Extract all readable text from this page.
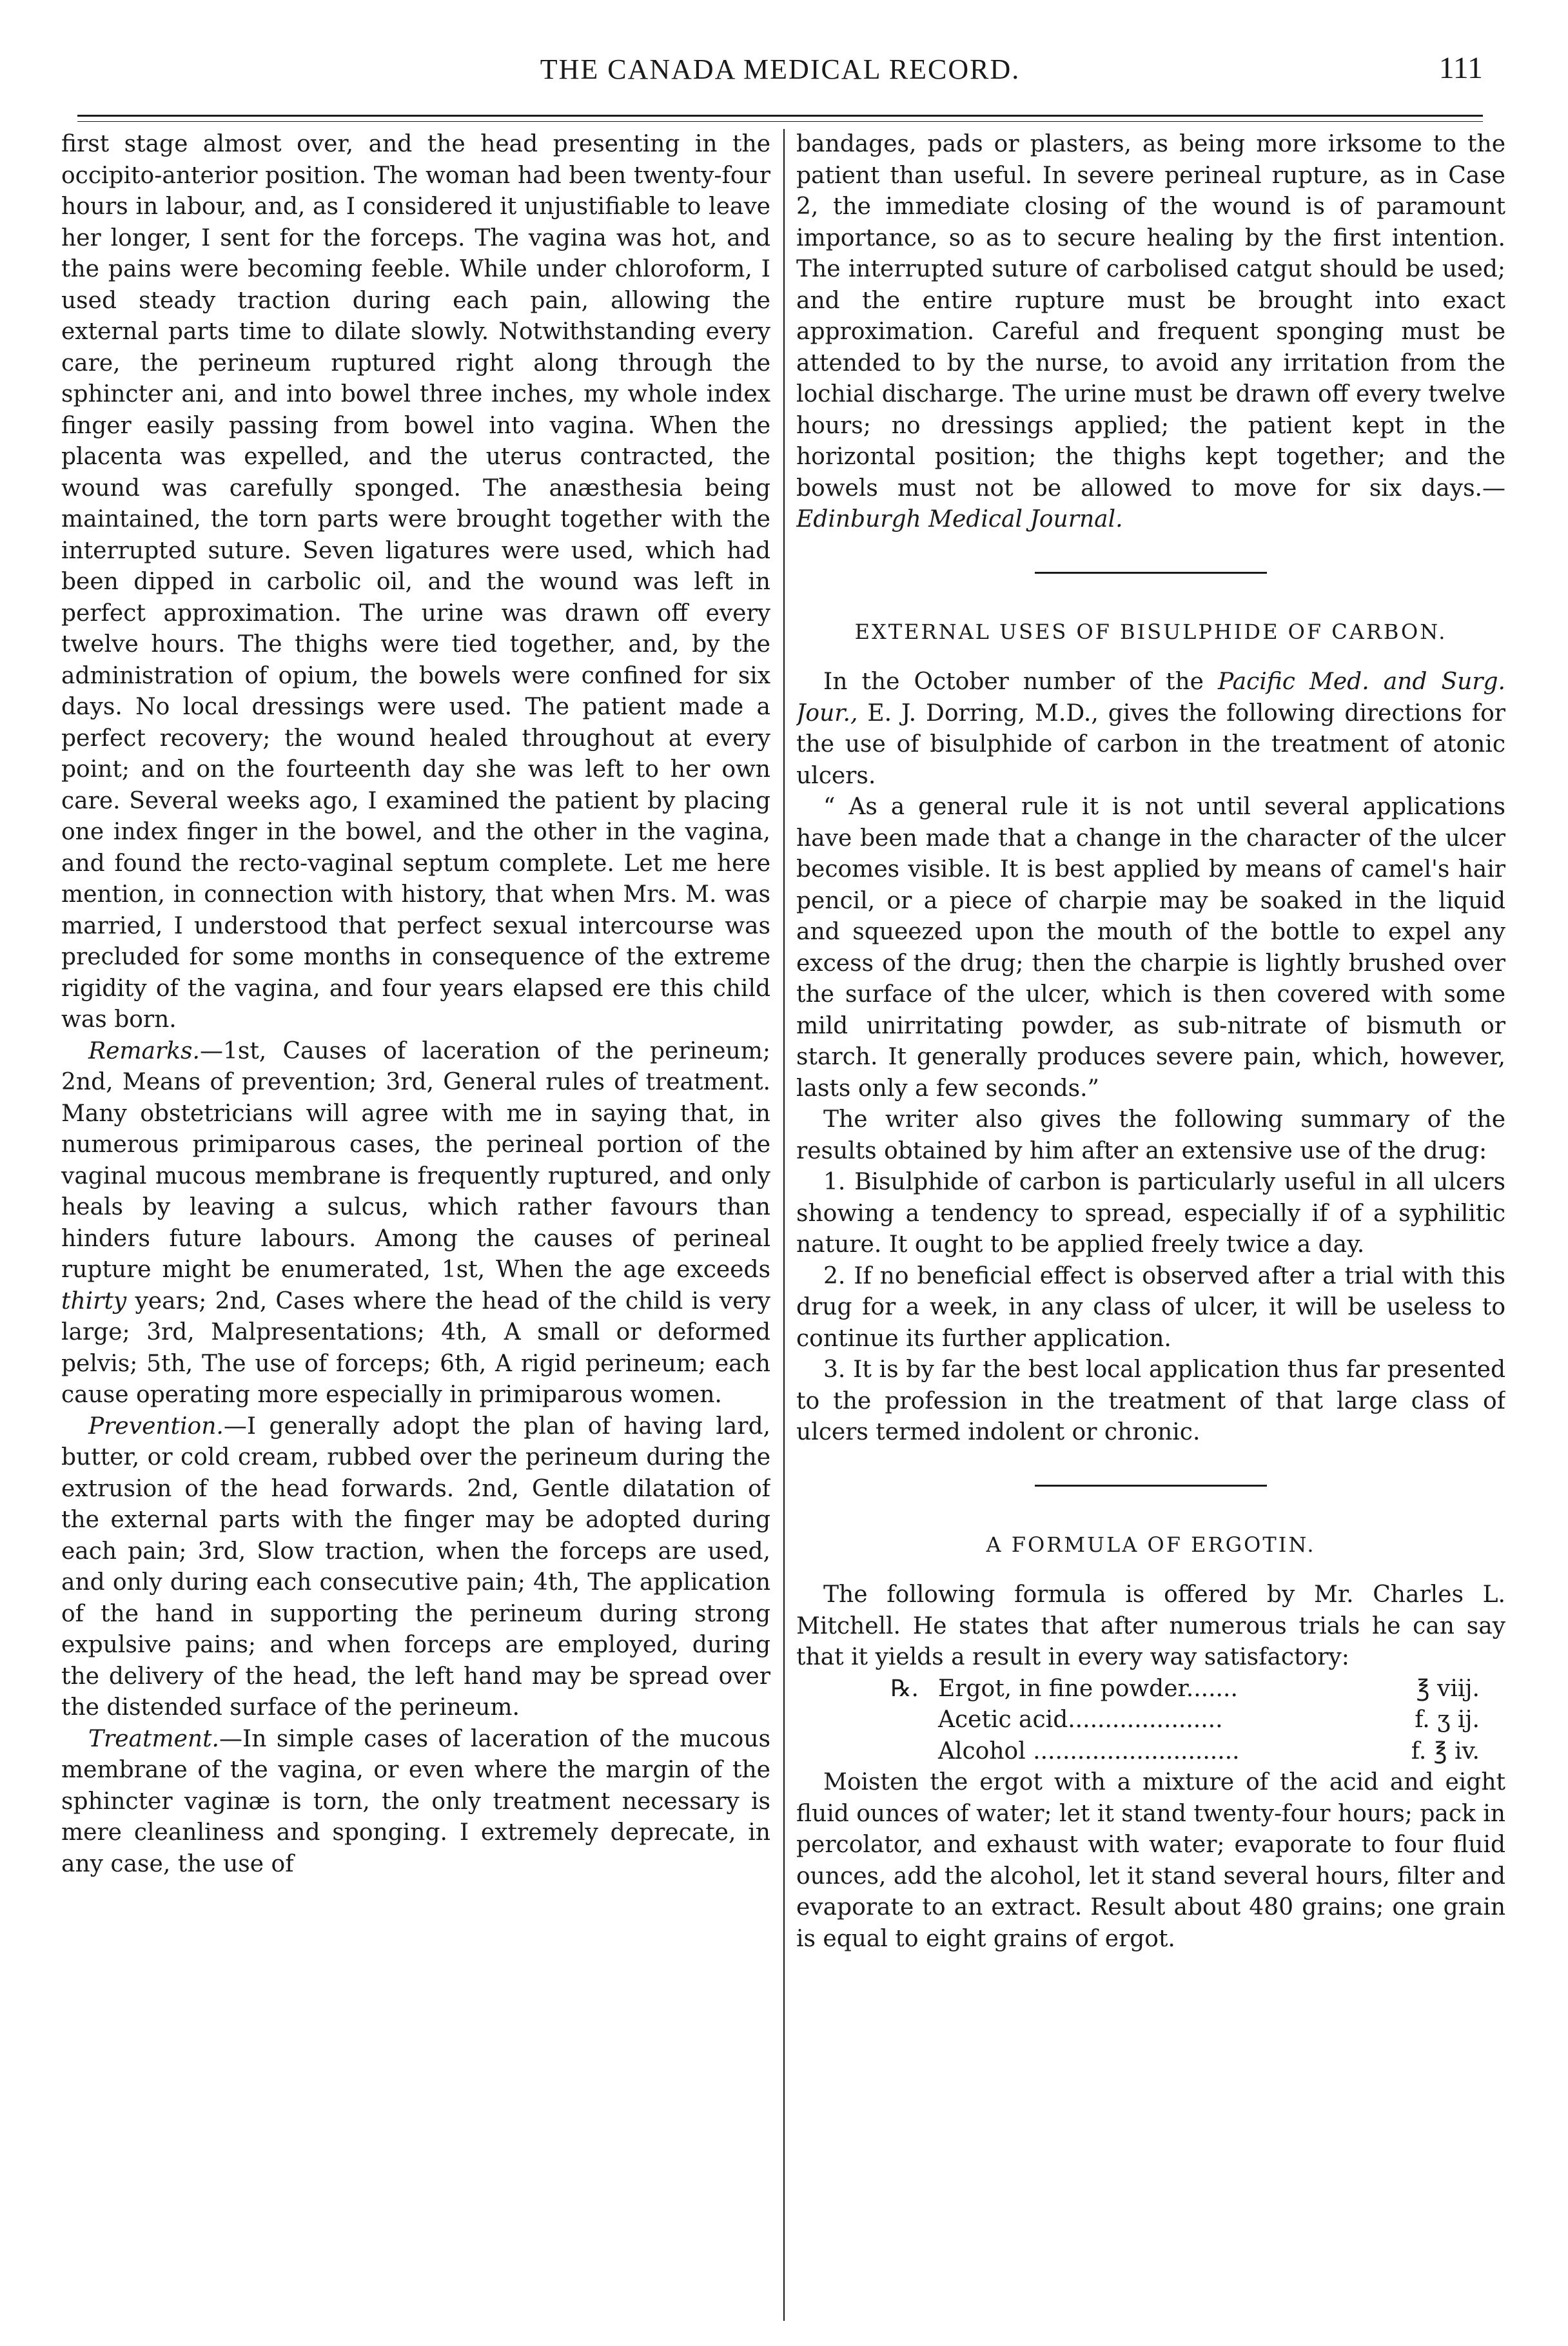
THE CANADA MEDICAL RECORD.	111

first stage almost over, and the head presenting in the occipito-anterior position. The woman had been twenty-four hours in labour, and, as I considered it unjustifiable to leave her longer, I sent for the forceps. The vagina was hot, and the pains were becoming feeble. While under chloroform, I used steady traction during each pain, allowing the external parts time to dilate slowly. Notwithstanding every care, the perineum ruptured right along through the sphincter ani, and into bowel three inches, my whole index finger easily passing from bowel into vagina. When the placenta was expelled, and the uterus contracted, the wound was carefully sponged. The anæsthesia being maintained, the torn parts were brought together with the interrupted suture. Seven ligatures were used, which had been dipped in carbolic oil, and the wound was left in perfect approximation. The urine was drawn off every twelve hours. The thighs were tied together, and, by the administration of opium, the bowels were confined for six days. No local dressings were used. The patient made a perfect recovery; the wound healed throughout at every point; and on the fourteenth day she was left to her own care. Several weeks ago, I examined the patient by placing one index finger in the bowel, and the other in the vagina, and found the recto-vaginal septum complete. Let me here mention, in connection with history, that when Mrs. M. was married, I understood that perfect sexual intercourse was precluded for some months in consequence of the extreme rigidity of the vagina, and four years elapsed ere this child was born.

Remarks.—1st, Causes of laceration of the perineum; 2nd, Means of prevention; 3rd, General rules of treatment. Many obstetricians will agree with me in saying that, in numerous primiparous cases, the perineal portion of the vaginal mucous membrane is frequently ruptured, and only heals by leaving a sulcus, which rather favours than hinders future labours. Among the causes of perineal rupture might be enumerated, 1st, When the age exceeds thirty years; 2nd, Cases where the head of the child is very large; 3rd, Malpresentations; 4th, A small or deformed pelvis; 5th, The use of forceps; 6th, A rigid perineum; each cause operating more especially in primiparous women.

Prevention.—I generally adopt the plan of having lard, butter, or cold cream, rubbed over the perineum during the extrusion of the head forwards. 2nd, Gentle dilatation of the external parts with the finger may be adopted during each pain; 3rd, Slow traction, when the forceps are used, and only during each consecutive pain; 4th, The application of the hand in supporting the perineum during strong expulsive pains; and when forceps are employed, during the delivery of the head, the left hand may be spread over the distended surface of the perineum.

Treatment.—In simple cases of laceration of the mucous membrane of the vagina, or even where the margin of the sphincter vaginæ is torn, the only treatment necessary is mere cleanliness and sponging. I extremely deprecate, in any case, the use of

bandages, pads or plasters, as being more irksome to the patient than useful. In severe perineal rupture, as in Case 2, the immediate closing of the wound is of paramount importance, so as to secure healing by the first intention. The interrupted suture of carbolised catgut should be used; and the entire rupture must be brought into exact approximation. Careful and frequent sponging must be attended to by the nurse, to avoid any irritation from the lochial discharge. The urine must be drawn off every twelve hours; no dressings applied; the patient kept in the horizontal position; the thighs kept together; and the bowels must not be allowed to move for six days.—Edinburgh Medical Journal.

EXTERNAL USES OF BISULPHIDE OF CARBON.

In the October number of the Pacific Med. and Surg. Jour., E. J. Dorring, M.D., gives the following directions for the use of bisulphide of carbon in the treatment of atonic ulcers.

“ As a general rule it is not until several applications have been made that a change in the character of the ulcer becomes visible. It is best applied by means of camel's hair pencil, or a piece of charpie may be soaked in the liquid and squeezed upon the mouth of the bottle to expel any excess of the drug; then the charpie is lightly brushed over the surface of the ulcer, which is then covered with some mild unirritating powder, as sub-nitrate of bismuth or starch. It generally produces severe pain, which, however, lasts only a few seconds.”

The writer also gives the following summary of the results obtained by him after an extensive use of the drug:

1. Bisulphide of carbon is particularly useful in all ulcers showing a tendency to spread, especially if of a syphilitic nature. It ought to be applied freely twice a day.

2. If no beneficial effect is observed after a trial with this drug for a week, in any class of ulcer, it will be useless to continue its further application.

3. It is by far the best local application thus far presented to the profession in the treatment of that large class of ulcers termed indolent or chronic.

A FORMULA OF ERGOTIN.

The following formula is offered by Mr. Charles L. Mitchell. He states that after numerous trials he can say that it yields a result in every way satisfactory:

℞. Ergot, in fine powder.......	℥ viij.
Acetic acid.....................	f. ʒ ij.
Alcohol ............................	f. ℥ iv.

Moisten the ergot with a mixture of the acid and eight fluid ounces of water; let it stand twenty-four hours; pack in percolator, and exhaust with water; evaporate to four fluid ounces, add the alcohol, let it stand several hours, filter and evaporate to an extract. Result about 480 grains; one grain is equal to eight grains of ergot.
